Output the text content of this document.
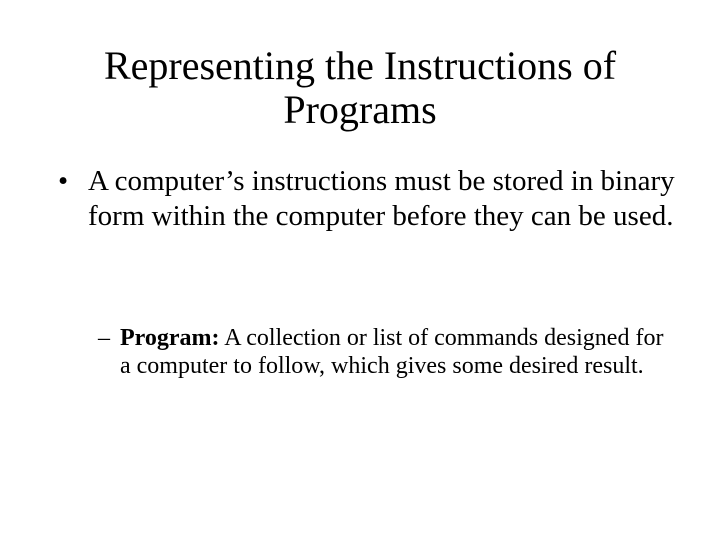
Representing the Instructions of Programs
• A computer’s instructions must be stored in binary form within the computer before they can be used.
– Program: A collection or list of commands designed for a computer to follow, which gives some desired result.
